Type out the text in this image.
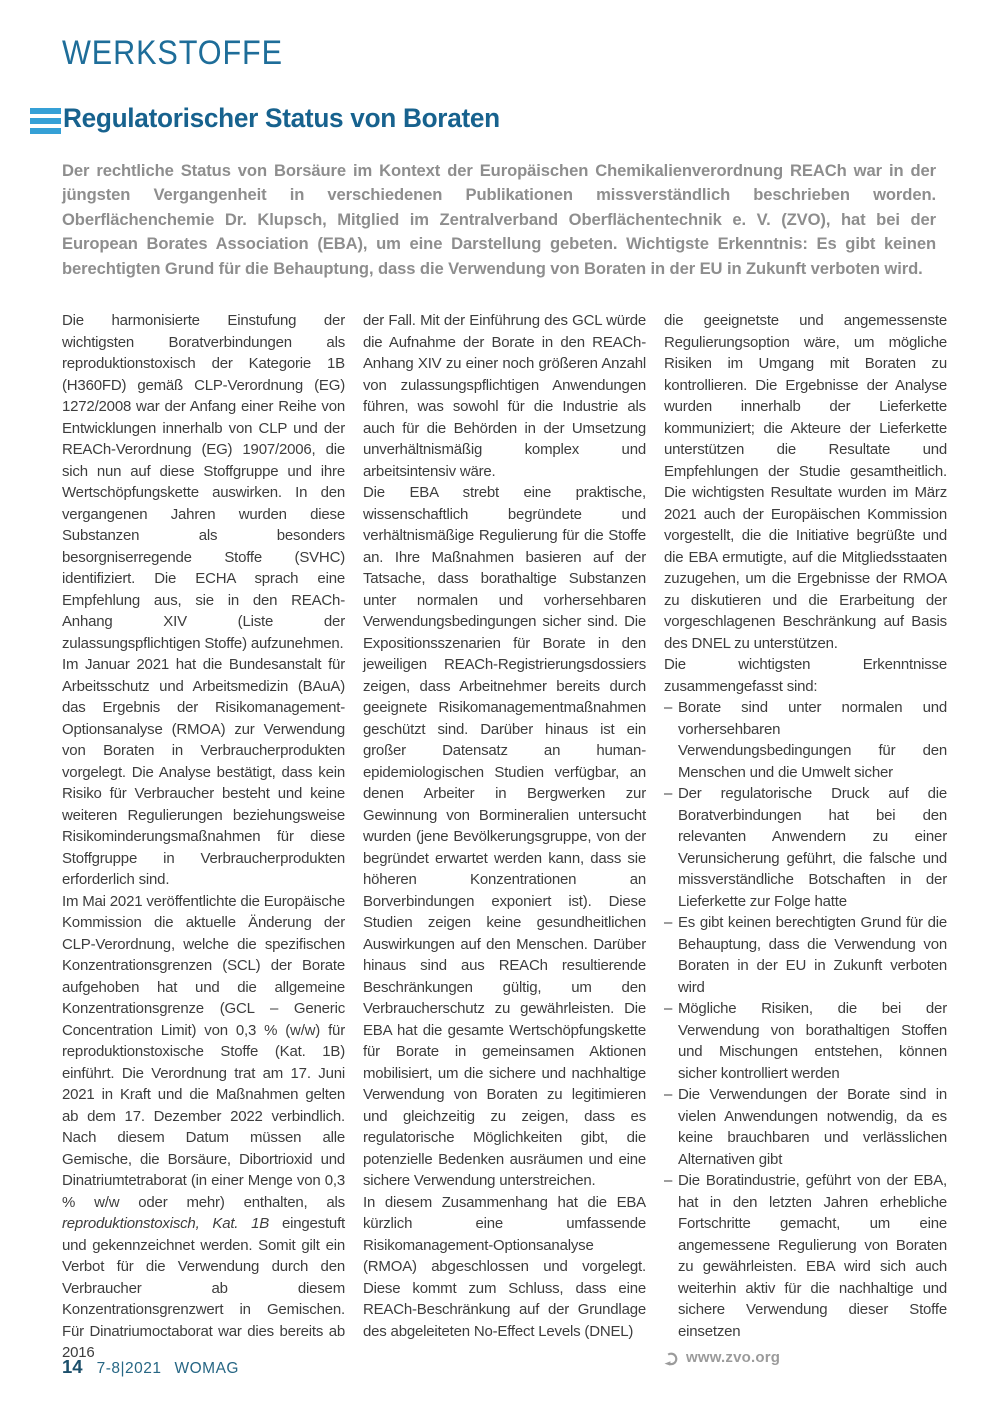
WERKSTOFFE
Regulatorischer Status von Boraten
Der rechtliche Status von Borsäure im Kontext der Europäischen Chemikalienverordnung REACh war in der jüngsten Vergangenheit in verschiedenen Publikationen missverständlich beschrieben worden. Oberflächenchemie Dr. Klupsch, Mitglied im Zentralverband Oberflächentechnik e. V. (ZVO), hat bei der European Borates Association (EBA), um eine Darstellung gebeten. Wichtigste Erkenntnis: Es gibt keinen berechtigten Grund für die Behauptung, dass die Verwendung von Boraten in der EU in Zukunft verboten wird.

Die harmonisierte Einstufung der wichtigsten Boratverbindungen als reproduktionstoxisch der Kategorie 1B (H360FD) gemäß CLP-Verordnung (EG) 1272/2008 war der Anfang einer Reihe von Entwicklungen innerhalb von CLP und der REACh-Verordnung (EG) 1907/2006, die sich nun auf diese Stoffgruppe und ihre Wertschöpfungskette auswirken. In den vergangenen Jahren wurden diese Substanzen als besonders besorgniserregende Stoffe (SVHC) identifiziert. Die ECHA sprach eine Empfehlung aus, sie in den REACh-Anhang XIV (Liste der zulassungspflichtigen Stoffe) aufzunehmen.

Im Januar 2021 hat die Bundesanstalt für Arbeitsschutz und Arbeitsmedizin (BAuA) das Ergebnis der Risikomanagement-Optionsanalyse (RMOA) zur Verwendung von Boraten in Verbraucherprodukten vorgelegt. Die Analyse bestätigt, dass kein Risiko für Verbraucher besteht und keine weiteren Regulierungen beziehungsweise Risikominderungsmaßnahmen für diese Stoffgruppe in Verbraucherprodukten erforderlich sind.

Im Mai 2021 veröffentlichte die Europäische Kommission die aktuelle Änderung der CLP-Verordnung, welche die spezifischen Konzentrationsgrenzen (SCL) der Borate aufgehoben hat und die allgemeine Konzentrationsgrenze (GCL – Generic Concentration Limit) von 0,3 % (w/w) für reproduktionstoxische Stoffe (Kat. 1B) einführt. Die Verordnung trat am 17. Juni 2021 in Kraft und die Maßnahmen gelten ab dem 17. Dezember 2022 verbindlich. Nach diesem Datum müssen alle Gemische, die Borsäure, Dibortrioxid und Dinatriumtetraborat (in einer Menge von 0,3 % w/w oder mehr) enthalten, als reproduktionstoxisch, Kat. 1B eingestuft und gekennzeichnet werden. Somit gilt ein Verbot für die Verwendung durch den Verbraucher ab diesem Konzentrationsgrenzwert in Gemischen. Für Dinatriumoctaborat war dies bereits ab 2016

der Fall. Mit der Einführung des GCL würde die Aufnahme der Borate in den REACh-Anhang XIV zu einer noch größeren Anzahl von zulassungspflichtigen Anwendungen führen, was sowohl für die Industrie als auch für die Behörden in der Umsetzung unverhältnismäßig komplex und arbeitsintensiv wäre.

Die EBA strebt eine praktische, wissenschaftlich begründete und verhältnismäßige Regulierung für die Stoffe an. Ihre Maßnahmen basieren auf der Tatsache, dass borathaltige Substanzen unter normalen und vorhersehbaren Verwendungsbedingungen sicher sind. Die Expositionsszenarien für Borate in den jeweiligen REACh-Registrierungsdossiers zeigen, dass Arbeitnehmer bereits durch geeignete Risikomanagementmaßnahmen geschützt sind. Darüber hinaus ist ein großer Datensatz an human-epidemiologischen Studien verfügbar, an denen Arbeiter in Bergwerken zur Gewinnung von Bormineralien untersucht wurden (jene Bevölkerungsgruppe, von der begründet erwartet werden kann, dass sie höheren Konzentrationen an Borverbindungen exponiert ist). Diese Studien zeigen keine gesundheitlichen Auswirkungen auf den Menschen. Darüber hinaus sind aus REACh resultierende Beschränkungen gültig, um den Verbraucherschutz zu gewährleisten. Die EBA hat die gesamte Wertschöpfungskette für Borate in gemeinsamen Aktionen mobilisiert, um die sichere und nachhaltige Verwendung von Boraten zu legitimieren und gleichzeitig zu zeigen, dass es regulatorische Möglichkeiten gibt, die potenzielle Bedenken ausräumen und eine sichere Verwendung unterstreichen.

In diesem Zusammenhang hat die EBA kürzlich eine umfassende Risikomanagement-Optionsanalyse (RMOA) abgeschlossen und vorgelegt. Diese kommt zum Schluss, dass eine REACh-Beschränkung auf der Grundlage des abgeleiteten No-Effect Levels (DNEL)

die geeignetste und angemessenste Regulierungsoption wäre, um mögliche Risiken im Umgang mit Boraten zu kontrollieren. Die Ergebnisse der Analyse wurden innerhalb der Lieferkette kommuniziert; die Akteure der Lieferkette unterstützen die Resultate und Empfehlungen der Studie gesamtheitlich. Die wichtigsten Resultate wurden im März 2021 auch der Europäischen Kommission vorgestellt, die die Initiative begrüßte und die EBA ermutigte, auf die Mitgliedsstaaten zuzugehen, um die Ergebnisse der RMOA zu diskutieren und die Erarbeitung der vorgeschlagenen Beschränkung auf Basis des DNEL zu unterstützen.

Die wichtigsten Erkenntnisse zusammengefasst sind:

– Borate sind unter normalen und vorhersehbaren Verwendungsbedingungen für den Menschen und die Umwelt sicher
– Der regulatorische Druck auf die Boratverbindungen hat bei den relevanten Anwendern zu einer Verunsicherung geführt, die falsche und missverständliche Botschaften in der Lieferkette zur Folge hatte
– Es gibt keinen berechtigten Grund für die Behauptung, dass die Verwendung von Boraten in der EU in Zukunft verboten wird
– Mögliche Risiken, die bei der Verwendung von borathaltigen Stoffen und Mischungen entstehen, können sicher kontrolliert werden
– Die Verwendungen der Borate sind in vielen Anwendungen notwendig, da es keine brauchbaren und verlässlichen Alternativen gibt
– Die Boratindustrie, geführt von der EBA, hat in den letzten Jahren erhebliche Fortschritte gemacht, um eine angemessene Regulierung von Boraten zu gewährleisten. EBA wird sich auch weiterhin aktiv für die nachhaltige und sichere Verwendung dieser Stoffe einsetzen
www.zvo.org
14 7-8|2021 WOMAG
